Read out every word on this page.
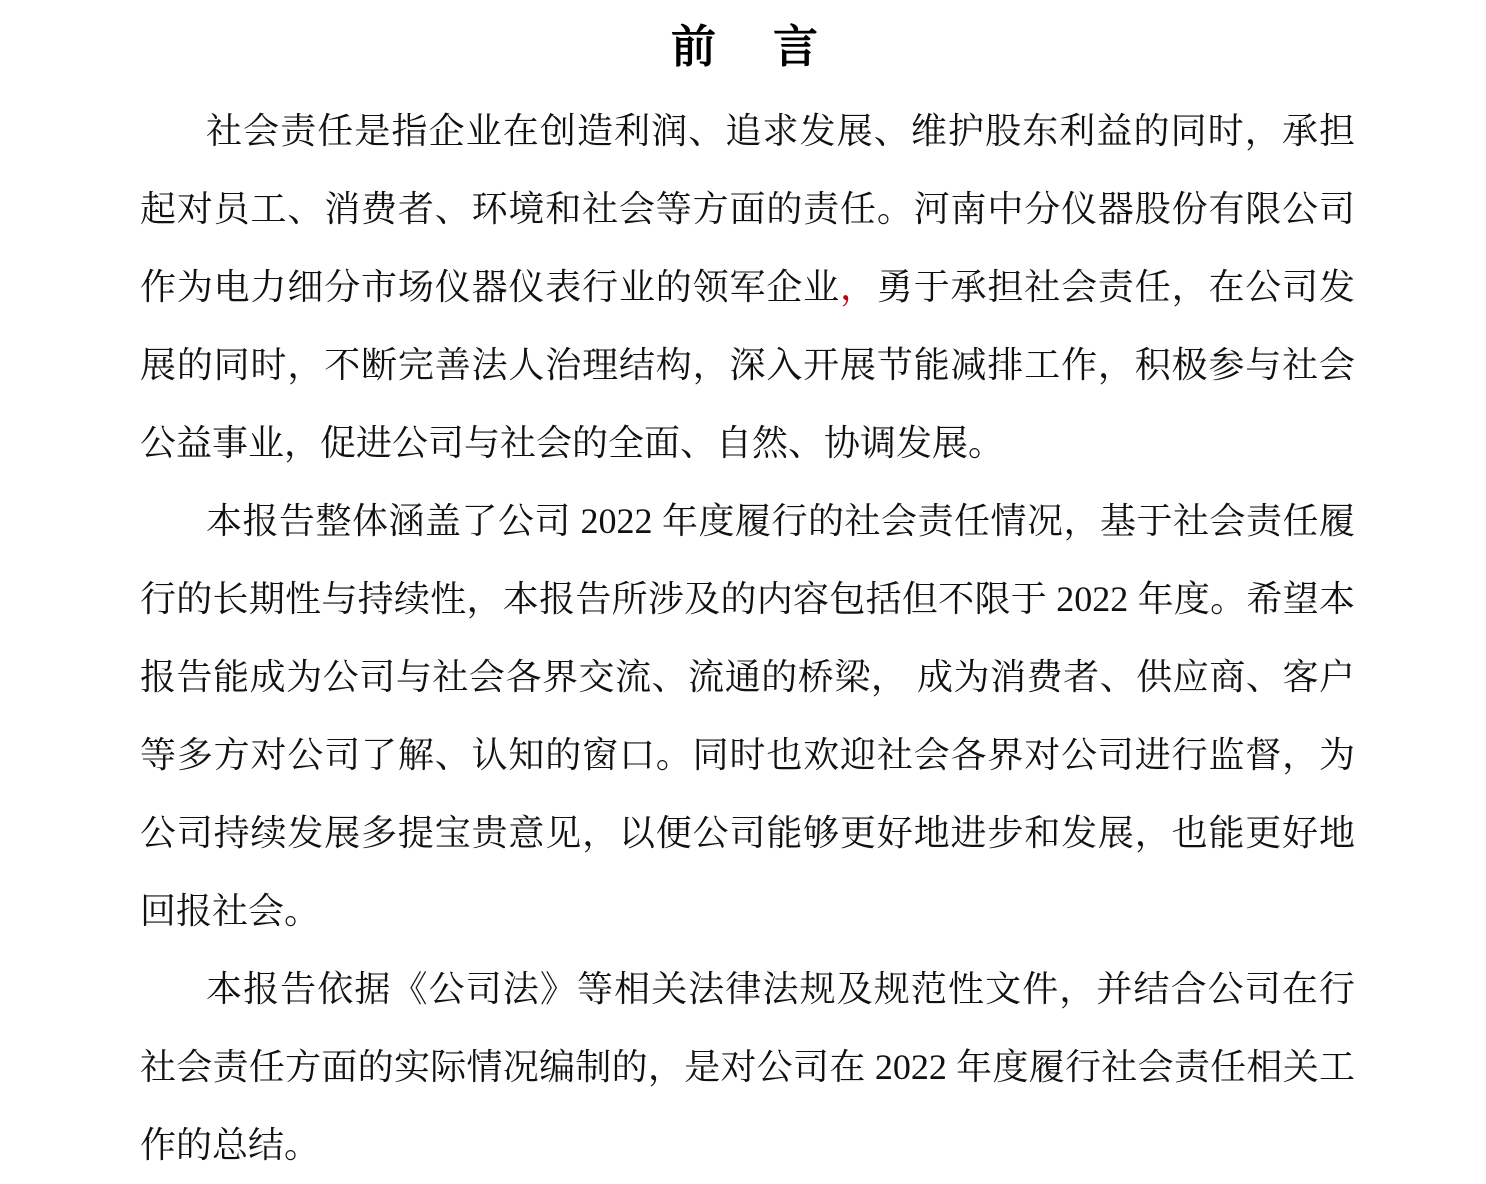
前　言

社会责任是指企业在创造利润、追求发展、维护股东利益的同时，承担起对员工、消费者、环境和社会等方面的责任。河南中分仪器股份有限公司作为电力细分市场仪器仪表行业的领军企业，勇于承担社会责任，在公司发展的同时，不断完善法人治理结构，深入开展节能减排工作，积极参与社会公益事业，促进公司与社会的全面、自然、协调发展。

本报告整体涵盖了公司 2022 年度履行的社会责任情况，基于社会责任履行的长期性与持续性，本报告所涉及的内容包括但不限于 2022 年度。希望本报告能成为公司与社会各界交流、流通的桥梁， 成为消费者、供应商、客户等多方对公司了解、认知的窗口。同时也欢迎社会各界对公司进行监督，为公司持续发展多提宝贵意见，以便公司能够更好地进步和发展，也能更好地回报社会。

本报告依据《公司法》等相关法律法规及规范性文件，并结合公司在行社会责任方面的实际情况编制的，是对公司在 2022 年度履行社会责任相关工作的总结。
